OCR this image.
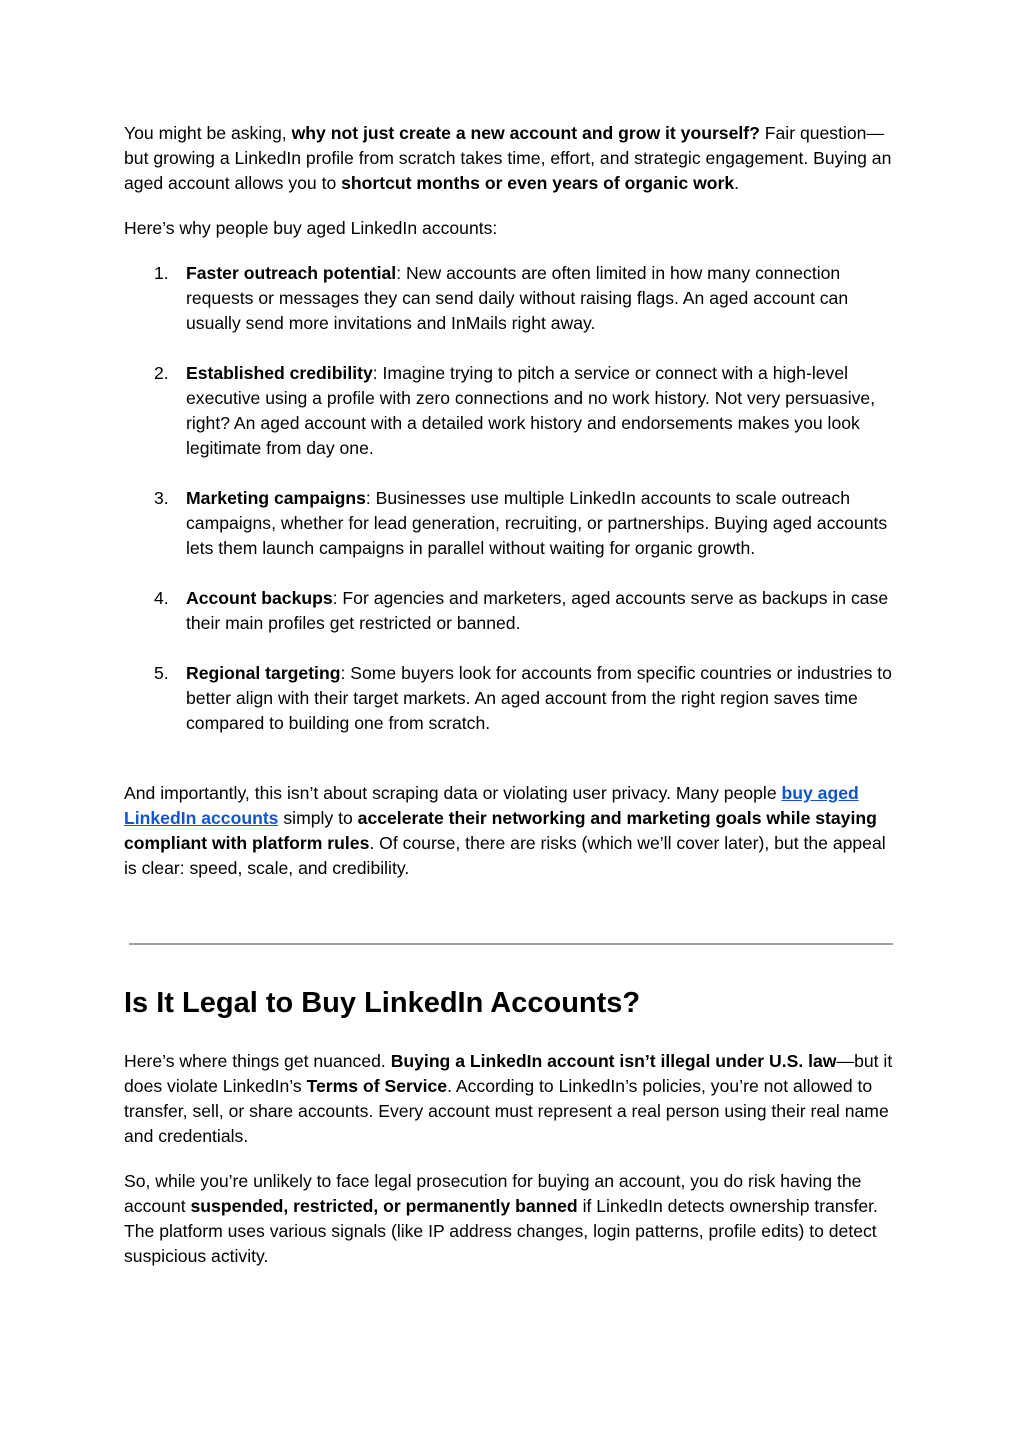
You might be asking, why not just create a new account and grow it yourself? Fair question—but growing a LinkedIn profile from scratch takes time, effort, and strategic engagement. Buying an aged account allows you to shortcut months or even years of organic work.

Here’s why people buy aged LinkedIn accounts:

1. Faster outreach potential: New accounts are often limited in how many connection requests or messages they can send daily without raising flags. An aged account can usually send more invitations and InMails right away.
2. Established credibility: Imagine trying to pitch a service or connect with a high-level executive using a profile with zero connections and no work history. Not very persuasive, right? An aged account with a detailed work history and endorsements makes you look legitimate from day one.
3. Marketing campaigns: Businesses use multiple LinkedIn accounts to scale outreach campaigns, whether for lead generation, recruiting, or partnerships. Buying aged accounts lets them launch campaigns in parallel without waiting for organic growth.
4. Account backups: For agencies and marketers, aged accounts serve as backups in case their main profiles get restricted or banned.
5. Regional targeting: Some buyers look for accounts from specific countries or industries to better align with their target markets. An aged account from the right region saves time compared to building one from scratch.

And importantly, this isn’t about scraping data or violating user privacy. Many people buy aged LinkedIn accounts simply to accelerate their networking and marketing goals while staying compliant with platform rules. Of course, there are risks (which we’ll cover later), but the appeal is clear: speed, scale, and credibility.

Is It Legal to Buy LinkedIn Accounts?

Here’s where things get nuanced. Buying a LinkedIn account isn’t illegal under U.S. law—but it does violate LinkedIn’s Terms of Service. According to LinkedIn’s policies, you’re not allowed to transfer, sell, or share accounts. Every account must represent a real person using their real name and credentials.

So, while you’re unlikely to face legal prosecution for buying an account, you do risk having the account suspended, restricted, or permanently banned if LinkedIn detects ownership transfer. The platform uses various signals (like IP address changes, login patterns, profile edits) to detect suspicious activity.
